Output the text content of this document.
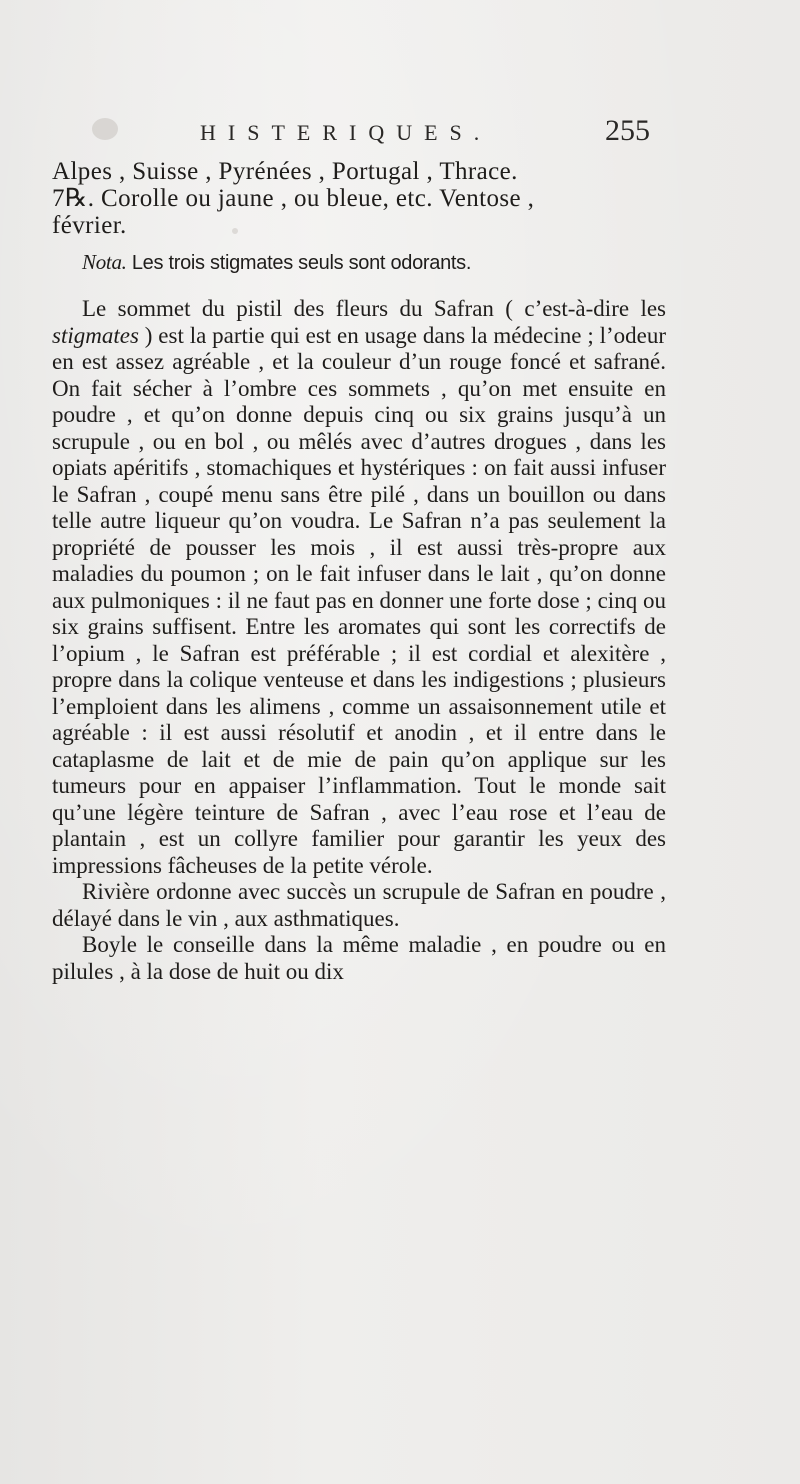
HISTERIQUES.	255

Alpes , Suisse , Pyrénées , Portugal , Thrace.
7℞. Corolle ou jaune , ou bleue, etc. Ventose ,
février.

Nota. Les trois stigmates seuls sont odorants.

Le sommet du pistil des fleurs du Safran ( c’est-à-dire les stigmates ) est la partie qui est en usage dans la médecine ; l’odeur en est assez agréable , et la couleur d’un rouge foncé et safrané. On fait sécher à l’ombre ces sommets , qu’on met ensuite en poudre , et qu’on donne depuis cinq ou six grains jusqu’à un scrupule , ou en bol , ou mêlés avec d’autres drogues , dans les opiats apéritifs , stomachiques et hystériques : on fait aussi infuser le Safran , coupé menu sans être pilé , dans un bouillon ou dans telle autre liqueur qu’on voudra. Le Safran n’a pas seulement la propriété de pousser les mois , il est aussi très-propre aux maladies du poumon ; on le fait infuser dans le lait , qu’on donne aux pulmoniques : il ne faut pas en donner une forte dose ; cinq ou six grains suffisent. Entre les aromates qui sont les correctifs de l’opium , le Safran est préférable ; il est cordial et alexitère , propre dans la colique venteuse et dans les indigestions ; plusieurs l’emploient dans les alimens , comme un assaisonnement utile et agréable : il est aussi résolutif et anodin , et il entre dans le cataplasme de lait et de mie de pain qu’on applique sur les tumeurs pour en appaiser l’inflammation. Tout le monde sait qu’une légère teinture de Safran , avec l’eau rose et l’eau de plantain , est un collyre familier pour garantir les yeux des impressions fâcheuses de la petite vérole.

Rivière ordonne avec succès un scrupule de Safran en poudre , délayé dans le vin , aux asthmatiques.

Boyle le conseille dans la même maladie , en poudre ou en pilules , à la dose de huit ou dix
